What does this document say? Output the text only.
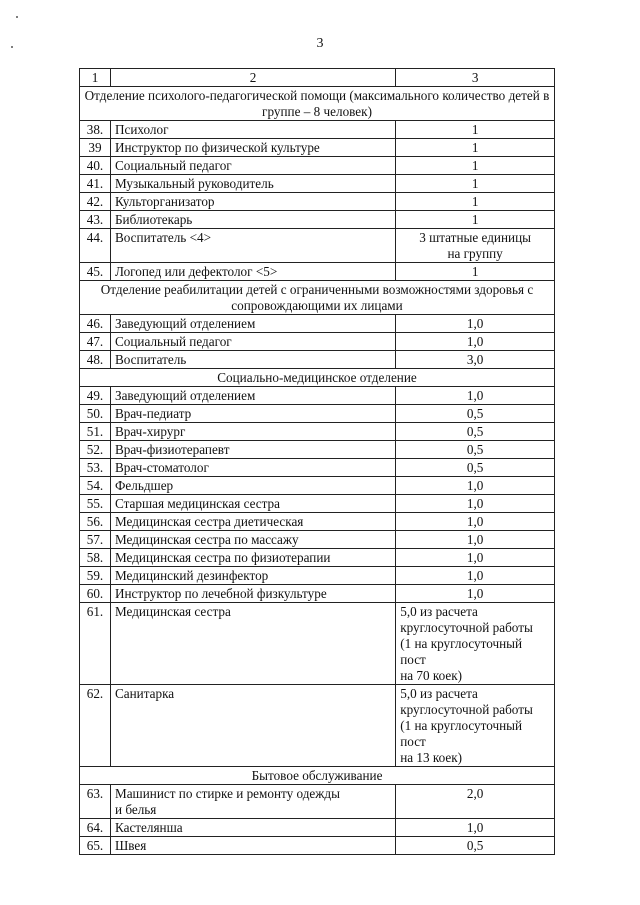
3
1	2	3
Отделение психолого-педагогической помощи (максимального количество детей в группе – 8 человек)		
38.	Психолог	1
39	Инструктор по физической культуре	1
40.	Социальный педагог	1
41.	Музыкальный руководитель	1
42.	Культорганизатор	1
43.	Библиотекарь	1
44.	Воспитатель <4>	3 штатные единицы
на группу
45.	Логопед или дефектолог <5>	1
Отделение реабилитации детей с ограниченными возможностями здоровья с сопровождающими их лицами		
46.	Заведующий отделением	1,0
47.	Социальный педагог	1,0
48.	Воспитатель	3,0
Социально-медицинское отделение		
49.	Заведующий отделением	1,0
50.	Врач-педиатр	0,5
51.	Врач-хирург	0,5
52.	Врач-физиотерапевт	0,5
53.	Врач-стоматолог	0,5
54.	Фельдшер	1,0
55.	Старшая медицинская сестра	1,0
56.	Медицинская сестра диетическая	1,0
57.	Медицинская сестра по массажу	1,0
58.	Медицинская сестра по физиотерапии	1,0
59.	Медицинский дезинфектор	1,0
60.	Инструктор по лечебной физкультуре	1,0
61.	Медицинская сестра	5,0 из расчета
круглосуточной работы
(1 на круглосуточный пост
на 70 коек)
62.	Санитарка	5,0 из расчета
круглосуточной работы
(1 на круглосуточный пост
на 13 коек)
Бытовое обслуживание		
63.	Машинист по стирке и ремонту одежды
и белья	2,0
64.	Кастелянша	1,0
65.	Швея	0,5
